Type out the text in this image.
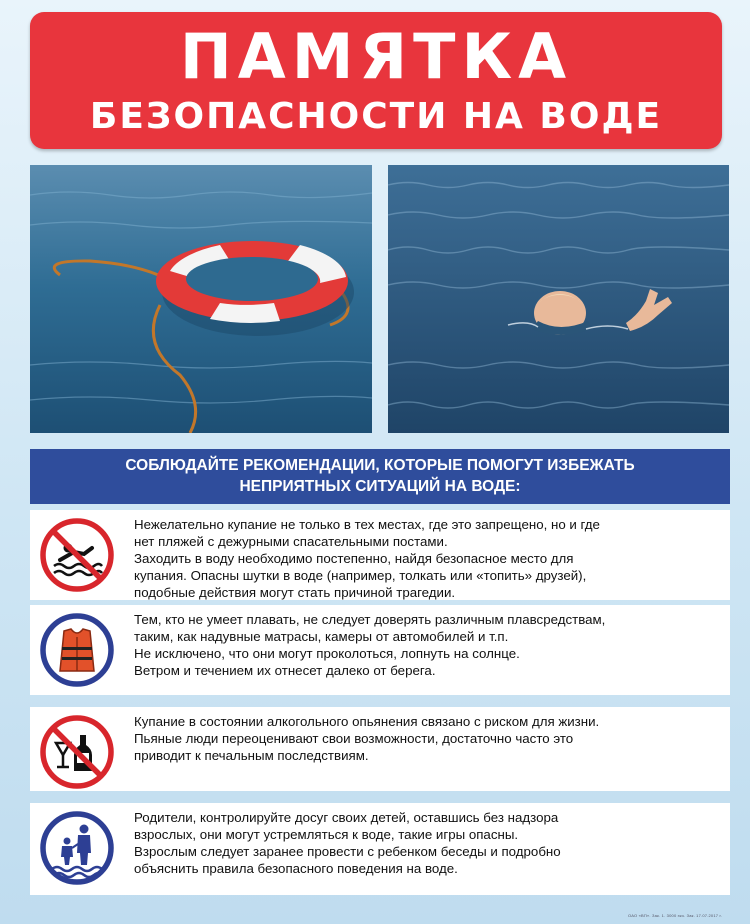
ПАМЯТКА
БЕЗОПАСНОСТИ НА ВОДЕ
СОБЛЮДАЙТЕ РЕКОМЕНДАЦИИ, КОТОРЫЕ ПОМОГУТ ИЗБЕЖАТЬ
НЕПРИЯТНЫХ СИТУАЦИЙ НА ВОДЕ:
Нежелательно купание не только в тех местах, где это запрещено, но и где
нет пляжей с дежурными спасательными постами.
Заходить в воду необходимо постепенно, найдя безопасное место для
купания. Опасны шутки в воде (например, толкать или «топить» друзей),
подобные действия могут стать причиной трагедии.
Тем, кто не умеет плавать, не следует доверять различным плавсредствам,
таким, как надувные матрасы, камеры от автомобилей и т.п.
Не исключено, что они могут проколоться, лопнуть на солнце.
Ветром и течением их отнесет далеко от берега.
Купание в состоянии алкогольного опьянения связано с риском для жизни.
Пьяные люди переоценивают свои возможности, достаточно часто это
приводит к печальным последствиям.
Родители, контролируйте досуг своих детей, оставшись без надзора
взрослых, они могут устремляться к воде, такие игры опасны.
Взрослым следует заранее провести с ребенком беседы и подробно
объяснить правила безопасного поведения на воде.
ОАО «ВП». Зак. 1. 3000 экз. Зак. 17.07.2017 г.
